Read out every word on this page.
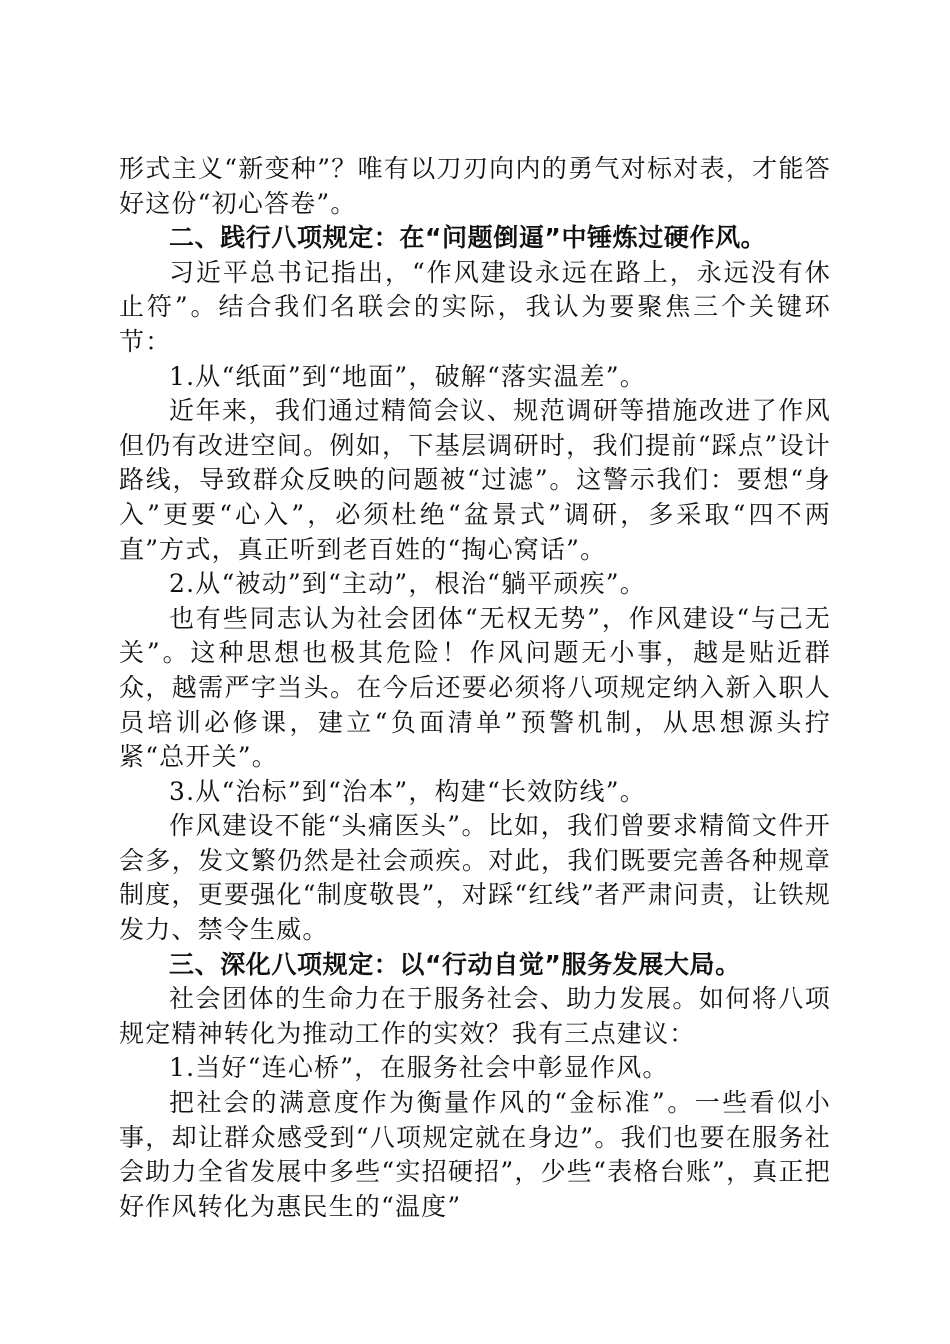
形式主义“新变种”？唯有以刀刃向内的勇气对标对表，才能答好这份“初心答卷”。

二、践行八项规定：在“问题倒逼”中锤炼过硬作风。

习近平总书记指出，“作风建设永远在路上，永远没有休止符”。结合我们名联会的实际，我认为要聚焦三个关键环节：

1.从“纸面”到“地面”，破解“落实温差”。

近年来，我们通过精简会议、规范调研等措施改进了作风但仍有改进空间。例如，下基层调研时，我们提前“踩点”设计路线，导致群众反映的问题被“过滤”。这警示我们：要想“身入”更要“心入”，必须杜绝“盆景式”调研，多采取“四不两直”方式，真正听到老百姓的“掏心窝话”。

2.从“被动”到“主动”，根治“躺平顽疾”。

也有些同志认为社会团体“无权无势”，作风建设“与己无关”。这种思想也极其危险！作风问题无小事，越是贴近群众，越需严字当头。在今后还要必须将八项规定纳入新入职人员培训必修课，建立“负面清单”预警机制，从思想源头拧紧“总开关”。

3.从“治标”到“治本”，构建“长效防线”。

作风建设不能“头痛医头”。比如，我们曾要求精简文件开会多，发文繁仍然是社会顽疾。对此，我们既要完善各种规章制度，更要强化“制度敬畏”，对踩“红线”者严肃问责，让铁规发力、禁令生威。

三、深化八项规定：以“行动自觉”服务发展大局。

社会团体的生命力在于服务社会、助力发展。如何将八项规定精神转化为推动工作的实效？我有三点建议：

1.当好“连心桥”，在服务社会中彰显作风。

把社会的满意度作为衡量作风的“金标准”。一些看似小事，却让群众感受到“八项规定就在身边”。我们也要在服务社会助力全省发展中多些“实招硬招”，少些“表格台账”，真正把好作风转化为惠民生的“温度”
